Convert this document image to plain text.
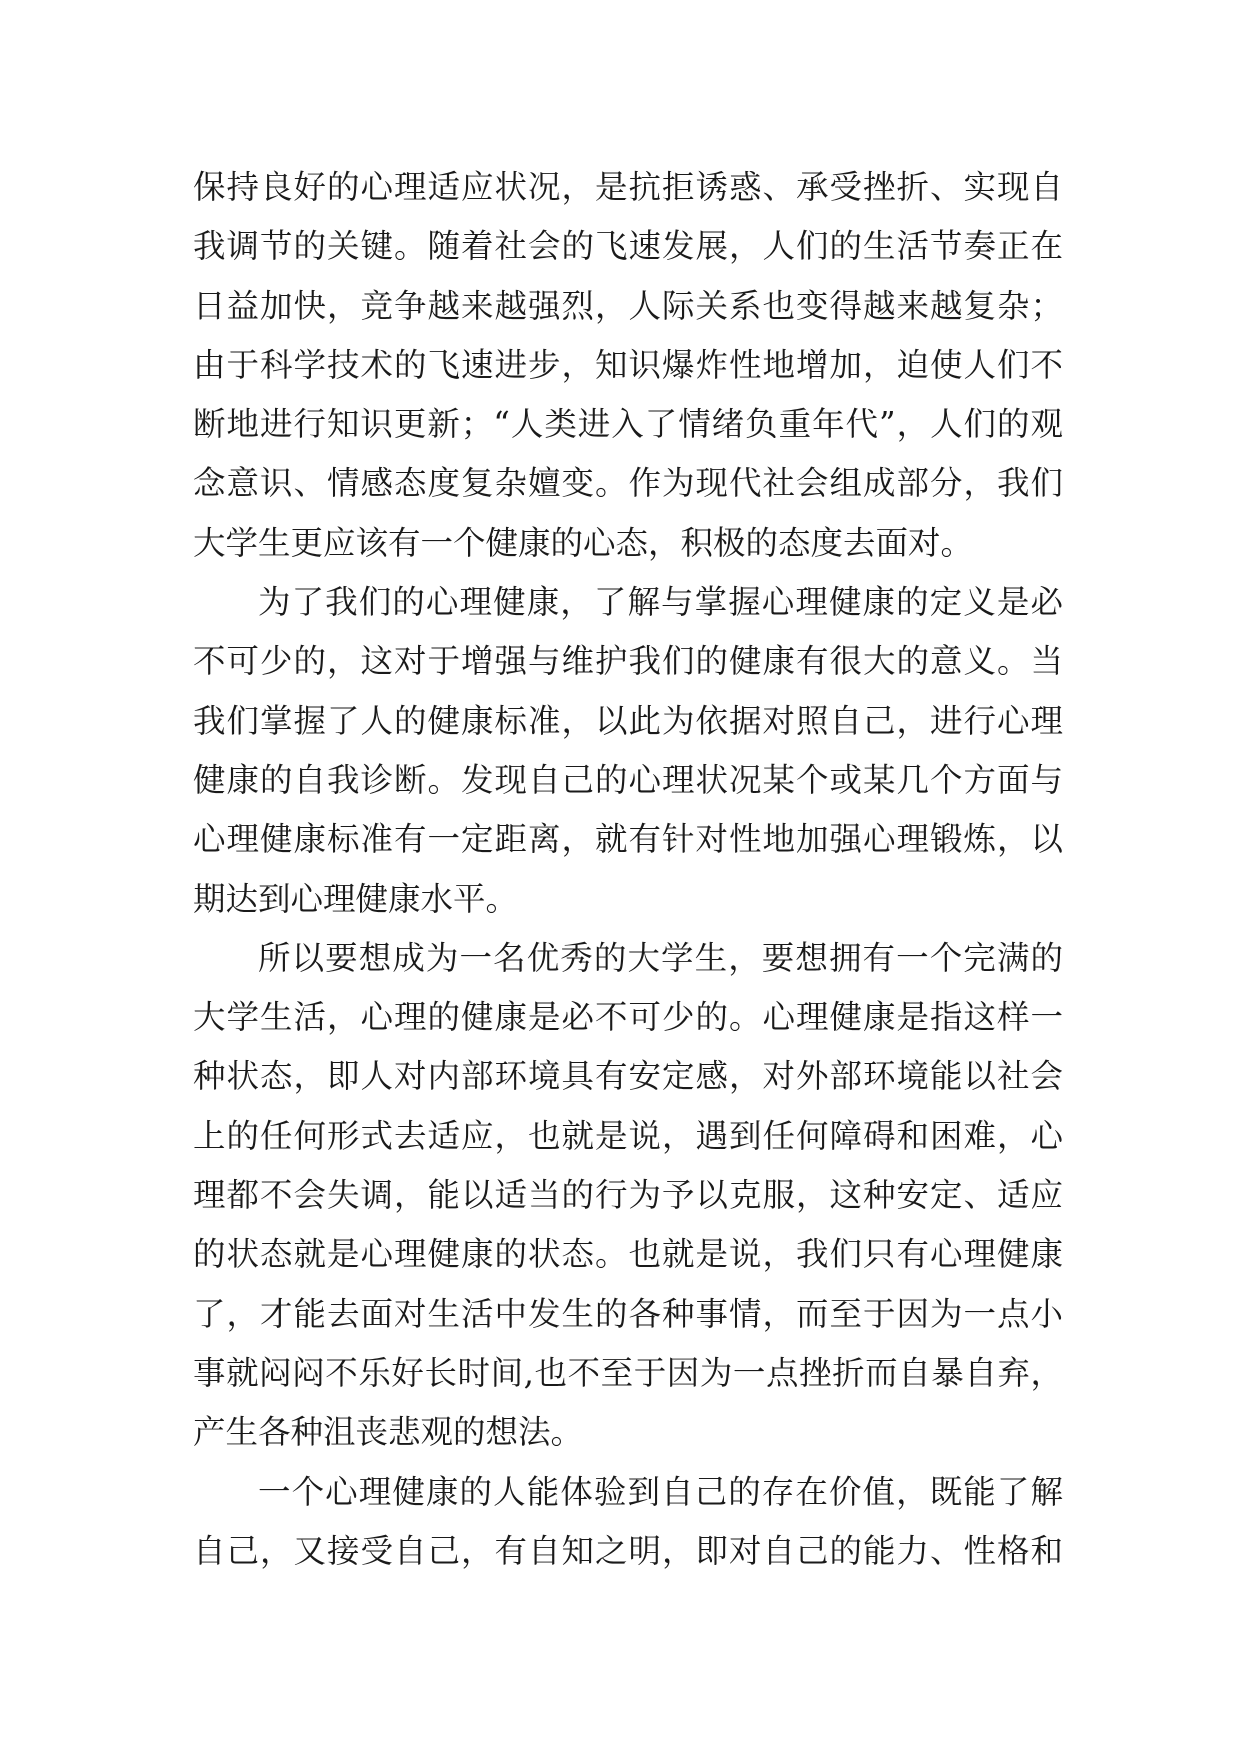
保持良好的心理适应状况，是抗拒诱惑、承受挫折、实现自
我调节的关键。随着社会的飞速发展，人们的生活节奏正在
日益加快，竞争越来越强烈，人际关系也变得越来越复杂；
由于科学技术的飞速进步，知识爆炸性地增加，迫使人们不
断地进行知识更新；“人类进入了情绪负重年代”，人们的观
念意识、情感态度复杂嬗变。作为现代社会组成部分，我们
大学生更应该有一个健康的心态，积极的态度去面对。
为了我们的心理健康，了解与掌握心理健康的定义是必
不可少的，这对于增强与维护我们的健康有很大的意义。当
我们掌握了人的健康标准，以此为依据对照自己，进行心理
健康的自我诊断。发现自己的心理状况某个或某几个方面与
心理健康标准有一定距离，就有针对性地加强心理锻炼，以
期达到心理健康水平。
所以要想成为一名优秀的大学生，要想拥有一个完满的
大学生活，心理的健康是必不可少的。心理健康是指这样一
种状态，即人对内部环境具有安定感，对外部环境能以社会
上的任何形式去适应，也就是说，遇到任何障碍和困难，心
理都不会失调，能以适当的行为予以克服，这种安定、适应
的状态就是心理健康的状态。也就是说，我们只有心理健康
了，才能去面对生活中发生的各种事情，而至于因为一点小
事就闷闷不乐好长时间,也不至于因为一点挫折而自暴自弃，
产生各种沮丧悲观的想法。
一个心理健康的人能体验到自己的存在价值，既能了解
自己，又接受自己，有自知之明，即对自己的能力、性格和
